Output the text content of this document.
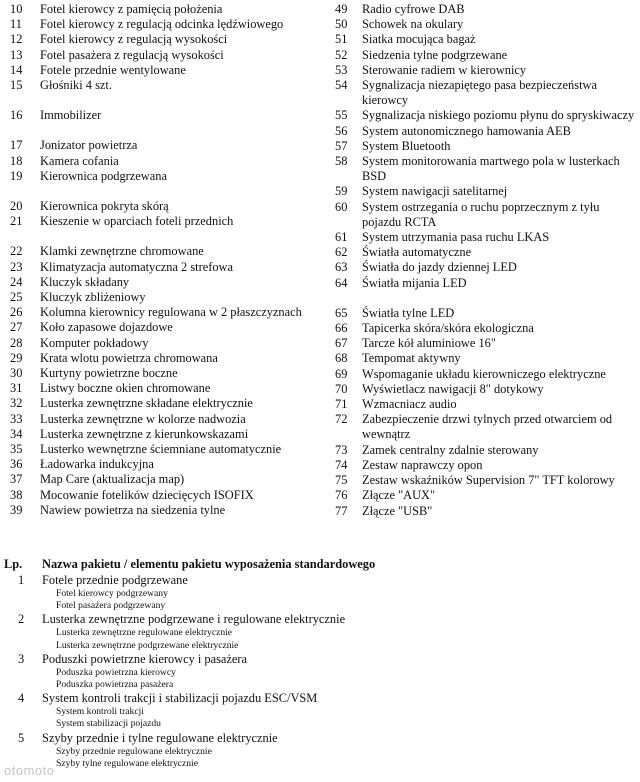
10 Fotel kierowcy z pamięcią położenia
11 Fotel kierowcy z regulacją odcinka lędźwiowego
12 Fotel kierowcy z regulacją wysokości
13 Fotel pasażera z regulacją wysokości
14 Fotele przednie wentylowane
15 Głośniki 4 szt.
16 Immobilizer
17 Jonizator powietrza
18 Kamera cofania
19 Kierownica podgrzewana
20 Kierownica pokryta skórą
21 Kieszenie w oparciach foteli przednich
22 Klamki zewnętrzne chromowane
23 Klimatyzacja automatyczna 2 strefowa
24 Kluczyk składany
25 Kluczyk zbliżeniowy
26 Kolumna kierownicy regulowana w 2 płaszczyznach
27 Koło zapasowe dojazdowe
28 Komputer pokładowy
29 Krata wlotu powietrza chromowana
30 Kurtyny powietrzne boczne
31 Listwy boczne okien chromowane
32 Lusterka zewnętrzne składane elektrycznie
33 Lusterka zewnętrzne w kolorze nadwozia
34 Lusterka zewnętrzne z kierunkowskazami
35 Lusterko wewnętrzne ściemniane automatycznie
36 Ładowarka indukcyjna
37 Map Care (aktualizacja map)
38 Mocowanie fotelików dziecięcych ISOFIX
39 Nawiew powietrza na siedzenia tylne
49 Radio cyfrowe DAB
50 Schowek na okulary
51 Siatka mocująca bagaż
52 Siedzenia tylne podgrzewane
53 Sterowanie radiem w kierownicy
54 Sygnalizacja niezapiętego pasa bezpieczeństwa kierowcy
55 Sygnalizacja niskiego poziomu płynu do spryskiwaczy
56 System autonomicznego hamowania AEB
57 System Bluetooth
58 System monitorowania martwego pola w lusterkach BSD
59 System nawigacji satelitarnej
60 System ostrzegania o ruchu poprzecznym z tyłu pojazdu RCTA
61 System utrzymania pasa ruchu LKAS
62 Światła automatyczne
63 Światła do jazdy dziennej LED
64 Światła mijania LED
65 Światła tylne LED
66 Tapicerka skóra/skóra ekologiczna
67 Tarcze kół aluminiowe 16"
68 Tempomat aktywny
69 Wspomaganie układu kierowniczego elektryczne
70 Wyświetlacz nawigacji 8" dotykowy
71 Wzmacniacz audio
72 Zabezpieczenie drzwi tylnych przed otwarciem od wewnątrz
73 Zamek centralny zdalnie sterowany
74 Zestaw naprawczy opon
75 Zestaw wskaźników Supervision 7" TFT kolorowy
76 Złącze "AUX"
77 Złącze "USB"
Lp. Nazwa pakietu / elementu pakietu wyposażenia standardowego
1 Fotele przednie podgrzewane
Fotel kierowcy podgrzewany
Fotel pasażera podgrzewany
2 Lusterka zewnętrzne podgrzewane i regulowane elektrycznie
Lusterka zewnętrzne regulowane elektrycznie
Lusterka zewnętrzne podgrzewane elektrycznie
3 Poduszki powietrzne kierowcy i pasażera
Poduszka powietrzna kierowcy
Poduszka powietrzna pasażera
4 System kontroli trakcji i stabilizacji pojazdu ESC/VSM
System kontroli trakcji
System stabilizacji pojazdu
5 Szyby przednie i tylne regulowane elektrycznie
Szyby przednie regulowane elektrycznie
Szyby tylne regulowane elektrycznie
otomoto
